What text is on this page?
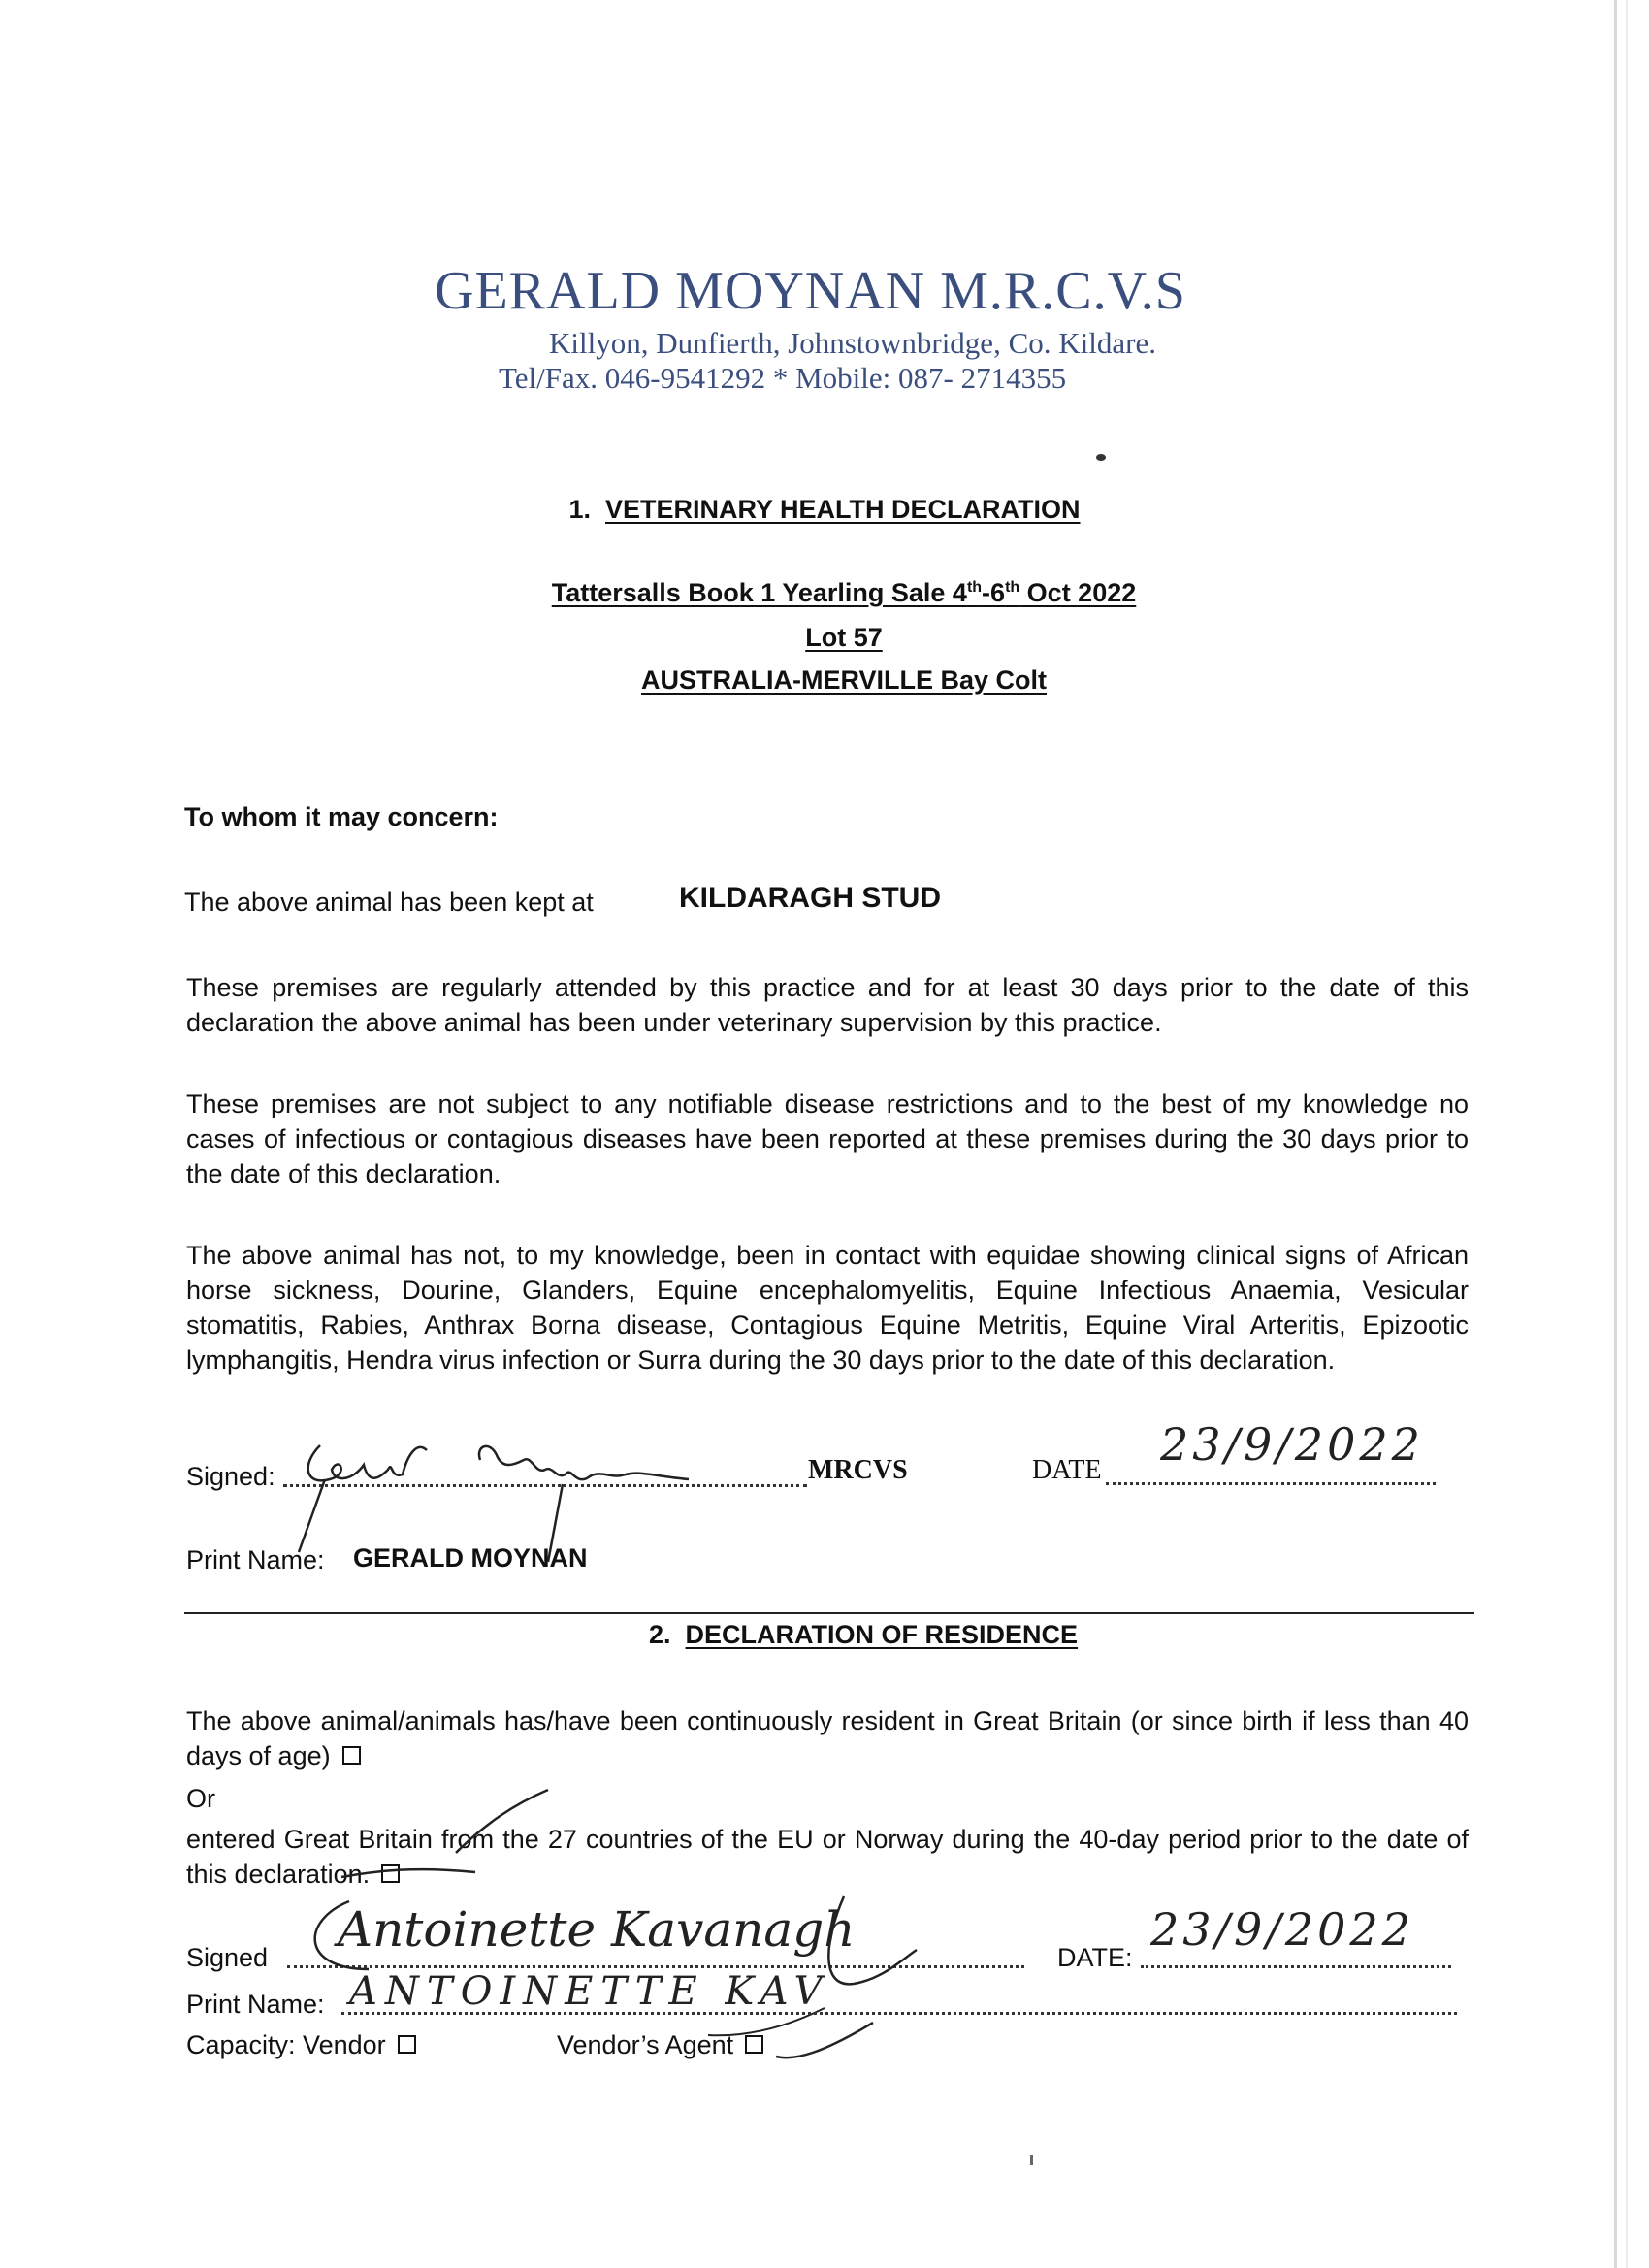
GERALD MOYNAN M.R.C.V.S
Killyon, Dunfierth, Johnstownbridge, Co. Kildare.
Tel/Fax. 046-9541292 * Mobile: 087- 2714355
1. VETERINARY HEALTH DECLARATION
Tattersalls Book 1 Yearling Sale 4th-6th Oct 2022
Lot 57
AUSTRALIA-MERVILLE Bay Colt
To whom it may concern:
The above animal has been kept at	KILDARAGH STUD
These premises are regularly attended by this practice and for at least 30 days prior to the date of this declaration the above animal has been under veterinary supervision by this practice.
These premises are not subject to any notifiable disease restrictions and to the best of my knowledge no cases of infectious or contagious diseases have been reported at these premises during the 30 days prior to the date of this declaration.
The above animal has not, to my knowledge, been in contact with equidae showing clinical signs of African horse sickness, Dourine, Glanders, Equine encephalomyelitis, Equine Infectious Anaemia, Vesicular stomatitis, Rabies, Anthrax Borna disease, Contagious Equine Metritis, Equine Viral Arteritis, Epizootic lymphangitis, Hendra virus infection or Surra during the 30 days prior to the date of this declaration.
Signed:	MRCVS	DATE 23/9/2022
Print Name: GERALD MOYNAN
2. DECLARATION OF RESIDENCE
The above animal/animals has/have been continuously resident in Great Britain (or since birth if less than 40 days of age)
Or
entered Great Britain from the 27 countries of the EU or Norway during the 40-day period prior to the date of this declaration.
Signed Antoinette Kavanagh	DATE:
23/9/2022
Print Name: ANTOINETTE KAV
Capacity: Vendor	Vendor’s Agent
